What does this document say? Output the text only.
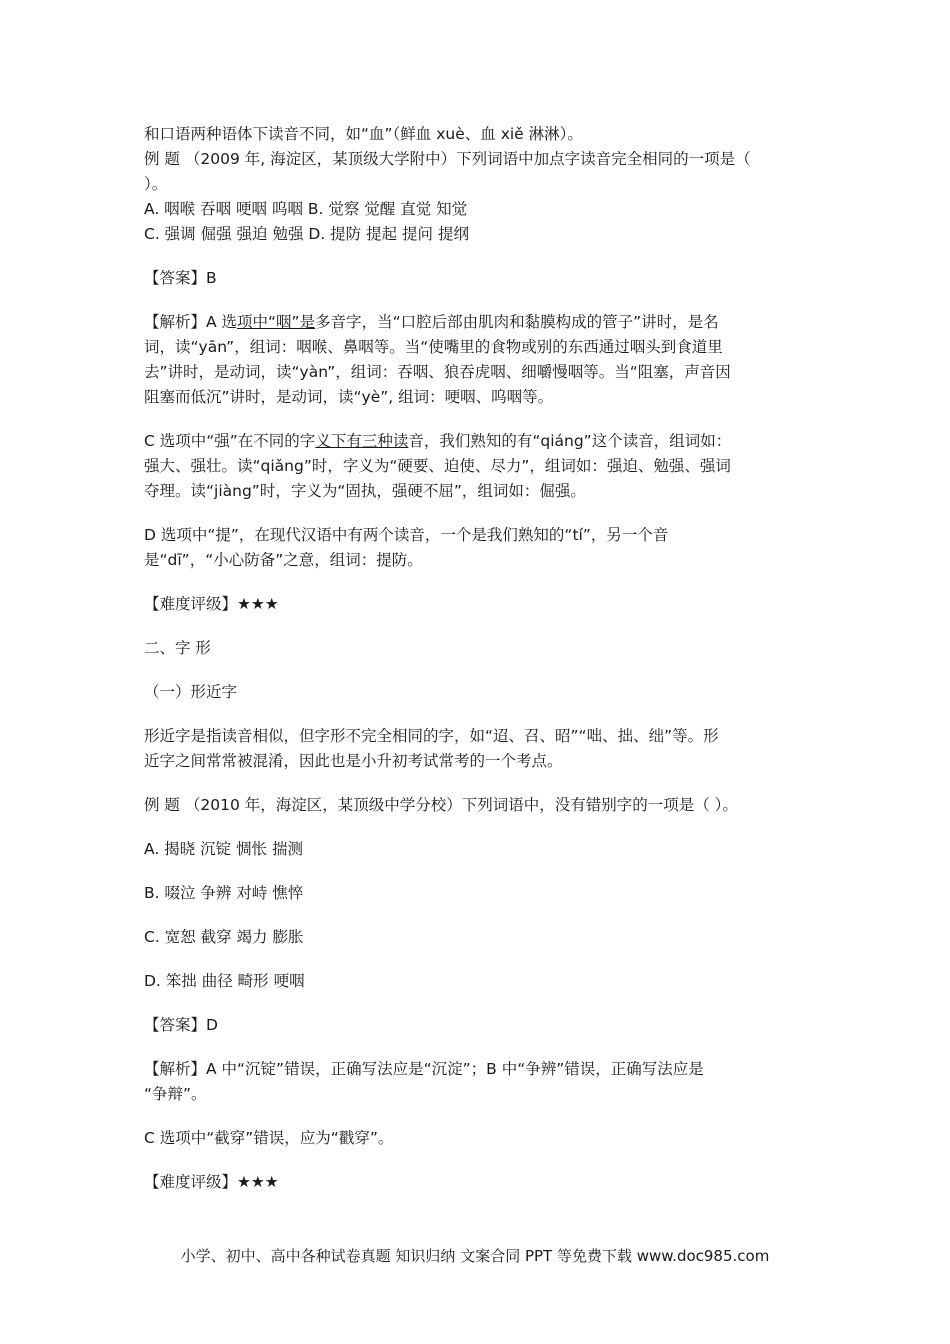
和口语两种语体下读音不同，如“血”（鲜血 xuè、血 xiě 淋淋）。
例 题 （2009 年, 海淀区，某顶级大学附中）下列词语中加点字读音完全相同的一项是（
）。
A. 咽喉 吞咽 哽咽 呜咽 B. 觉察 觉醒 直觉 知觉
C. 强调 倔强 强迫 勉强 D. 提防 提起 提问 提纲
【答案】B
【解析】A 选项中“咽”是多音字，当“口腔后部由肌肉和黏膜构成的管子”讲时，是名
词，读“yān”，组词：咽喉、鼻咽等。当“使嘴里的食物或别的东西通过咽头到食道里
去”讲时，是动词，读“yàn”，组词：吞咽、狼吞虎咽、细嚼慢咽等。当“阻塞，声音因
阻塞而低沉”讲时，是动词，读“yè”, 组词：哽咽、呜咽等。
C 选项中“强”在不同的字义下有三种读音，我们熟知的有“qiáng”这个读音，组词如：
强大、强壮。读“qiǎng”时，字义为“硬要、迫使、尽力”，组词如：强迫、勉强、强词
夺理。读“jiàng”时，字义为“固执，强硬不屈”，组词如：倔强。
D 选项中“提”，在现代汉语中有两个读音，一个是我们熟知的“tí”，另一个音
是“dī”，“小心防备”之意，组词：提防。
【难度评级】★★★
二、字 形
（一）形近字
形近字是指读音相似，但字形不完全相同的字，如“迢、召、昭”“咄、拙、绌”等。形
近字之间常常被混淆，因此也是小升初考试常考的一个考点。
例 题 （2010 年，海淀区，某顶级中学分校）下列词语中，没有错别字的一项是（ ）。
A. 揭晓 沉锭 惆怅 揣测
B. 啜泣 争辨 对峙 憔悴
C. 宽恕 截穿 竭力 膨胀
D. 笨拙 曲径 畸形 哽咽
【答案】D
【解析】A 中“沉锭”错误，正确写法应是“沉淀”；B 中“争辨”错误，正确写法应是
“争辩”。
C 选项中“截穿”错误，应为“戳穿”。
【难度评级】★★★
小学、初中、高中各种试卷真题 知识归纳 文案合同 PPT 等免费下载 www.doc985.com
